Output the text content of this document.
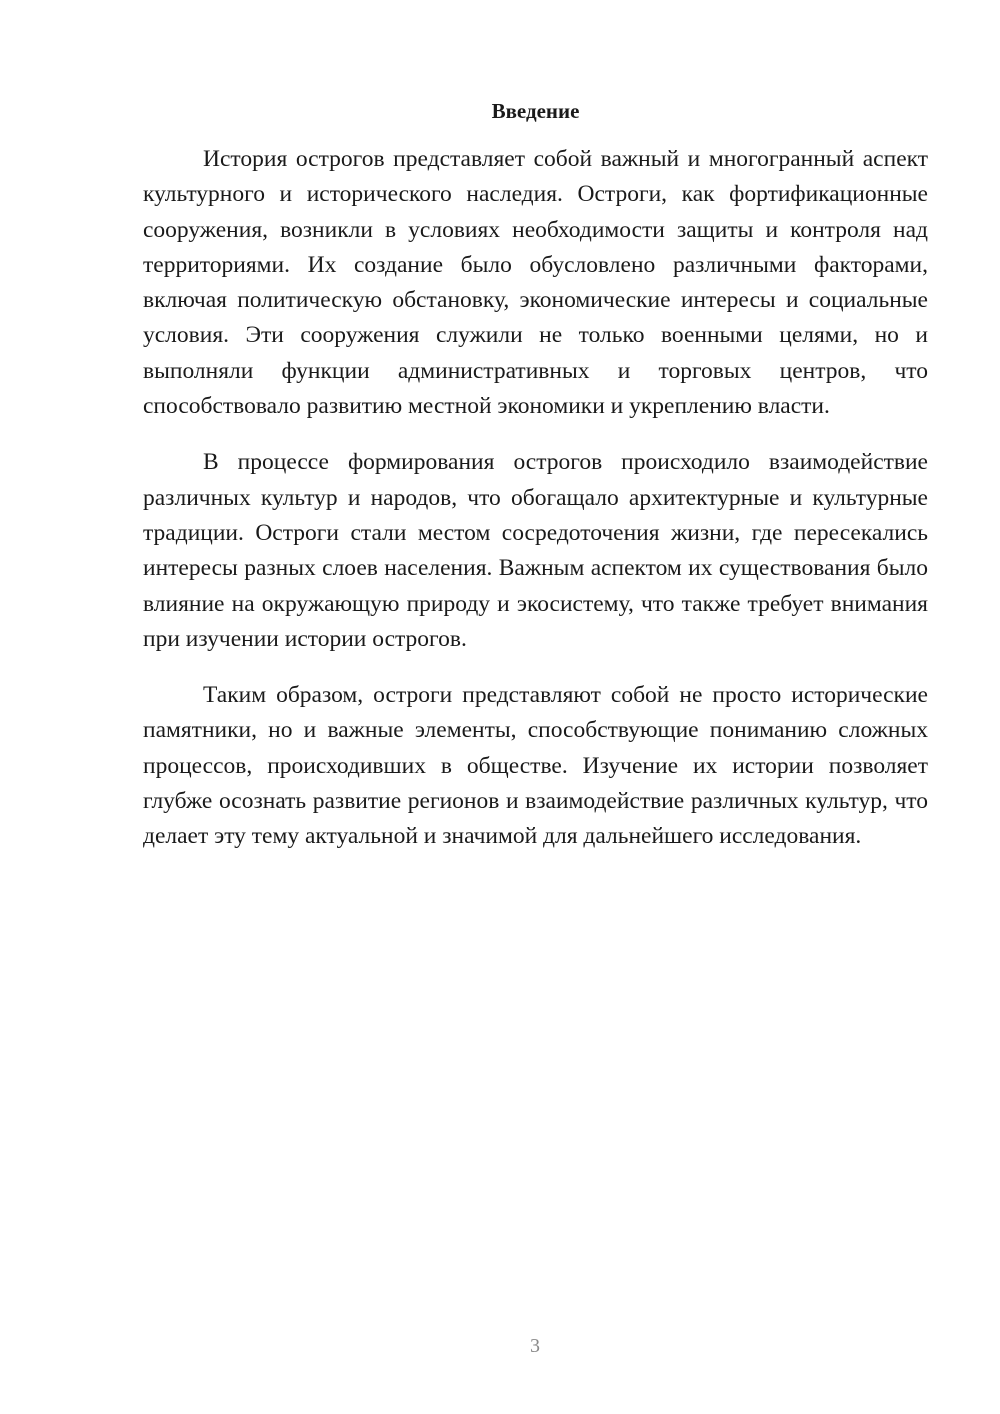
Введение

История острогов представляет собой важный и многогранный аспект культурного и исторического наследия. Остроги, как фортификационные сооружения, возникли в условиях необходимости защиты и контроля над территориями. Их создание было обусловлено различными факторами, включая политическую обстановку, экономические интересы и социальные условия. Эти сооружения служили не только военными целями, но и выполняли функции административных и торговых центров, что способствовало развитию местной экономики и укреплению власти.

В процессе формирования острогов происходило взаимодействие различных культур и народов, что обогащало архитектурные и культурные традиции. Остроги стали местом сосредоточения жизни, где пересекались интересы разных слоев населения. Важным аспектом их существования было влияние на окружающую природу и экосистему, что также требует внимания при изучении истории острогов.

Таким образом, остроги представляют собой не просто исторические памятники, но и важные элементы, способствующие пониманию сложных процессов, происходивших в обществе. Изучение их истории позволяет глубже осознать развитие регионов и взаимодействие различных культур, что делает эту тему актуальной и значимой для дальнейшего исследования.

3
